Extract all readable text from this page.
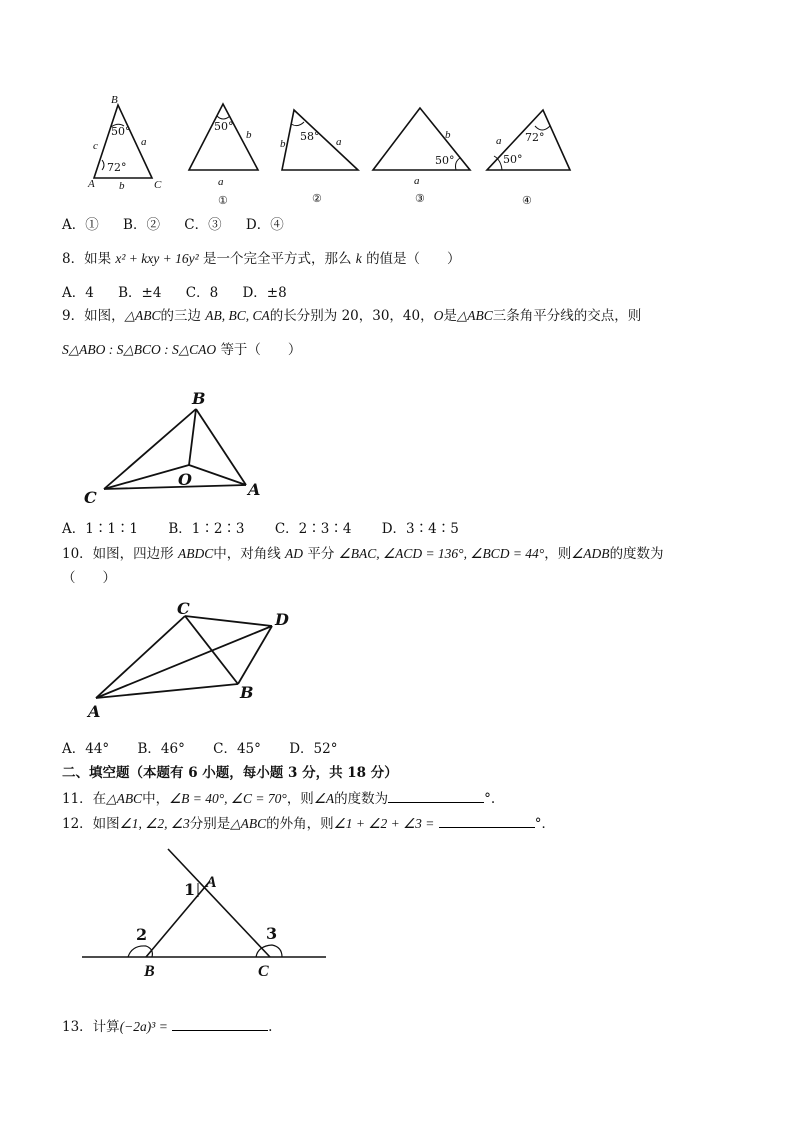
B
A	C
c	a
b
50°
72°
50°
b
a
①
b
58° a
②
b
50°
a
③
72°
a
50°
④
A．① B．② C．③ D．④
8．如果 x² + kxy + 16y² 是一个完全平方式，那么 k 的值是（　　）
A．4 B．±4 C．8 D．±8
9．如图，△ABC的三边 AB, BC, CA的长分别为 20，30，40，O是△ABC三条角平分线的交点，则
S△ABO : S△BCO : S△CAO 等于（　　）
B
C
O
A
A．1∶1∶1 B．1∶2∶3 C．2∶3∶4 D．3∶4∶5
10．如图，四边形 ABDC中，对角线 AD 平分 ∠BAC, ∠ACD = 136°, ∠BCD = 44°，则∠ADB的度数为
（　　）
C
D
A
B
A．44° B．46° C．45° D．52°
二、填空题（本题有 6 小题，每小题 3 分，共 18 分）
11．在△ABC中，∠B = 40°, ∠C = 70°，则∠A的度数为	°.
12．如图∠1, ∠2, ∠3分别是△ABC的外角，则∠1 + ∠2 + ∠3 =	°．
A
1
2	3
B	C
13．计算(−2a)³ =	.
